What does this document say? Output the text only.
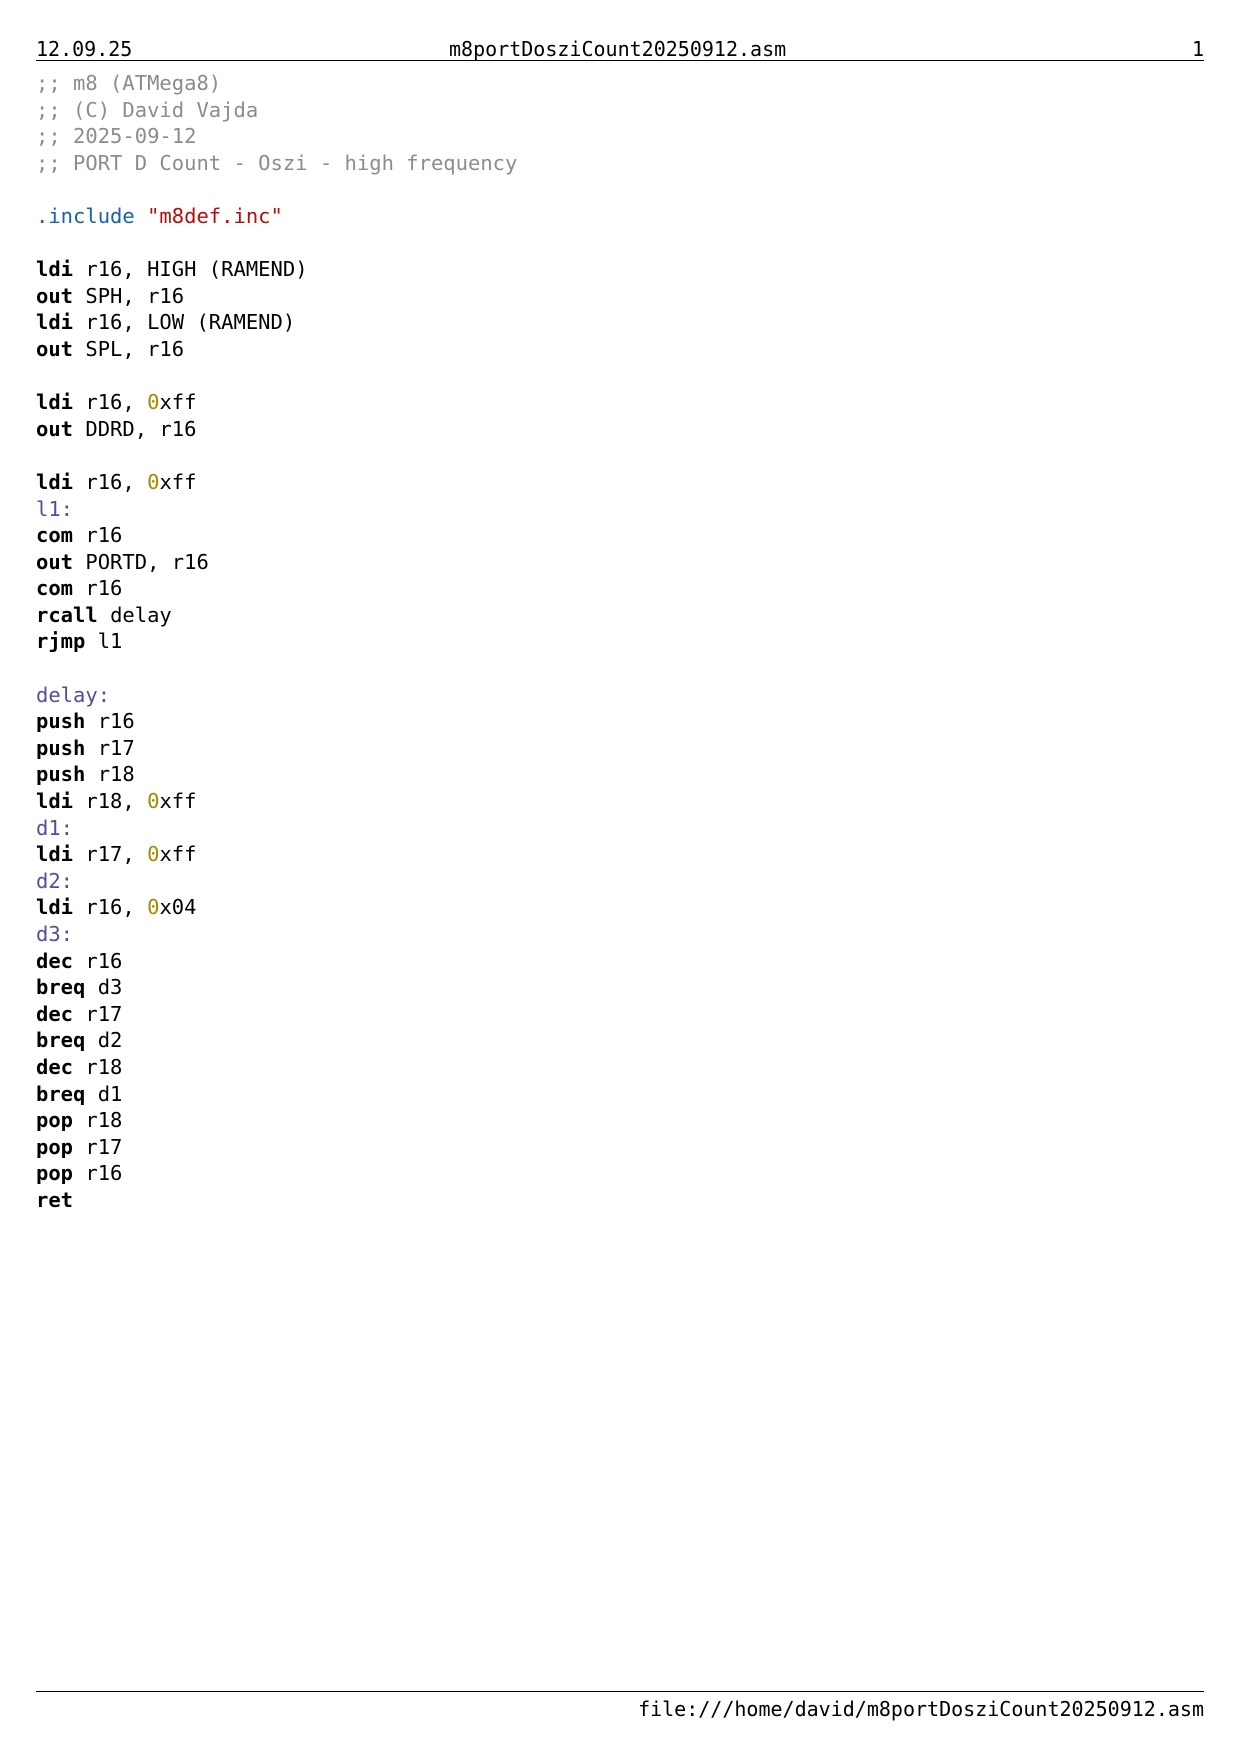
12.09.25	m8portDosziCount20250912.asm	1
;; m8 (ATMega8)
;; (C) David Vajda
;; 2025-09-12
;; PORT D Count - Oszi - high frequency

.include "m8def.inc"

ldi r16, HIGH (RAMEND)
out SPH, r16
ldi r16, LOW (RAMEND)
out SPL, r16

ldi r16, 0xff
out DDRD, r16

ldi r16, 0xff
l1:
com r16
out PORTD, r16
com r16
rcall delay
rjmp l1

delay:
push r16
push r17
push r18
ldi r18, 0xff
d1:
ldi r17, 0xff
d2:
ldi r16, 0x04
d3:
dec r16
breq d3
dec r17
breq d2
dec r18
breq d1
pop r18
pop r17
pop r16
ret
file:///home/david/m8portDosziCount20250912.asm
